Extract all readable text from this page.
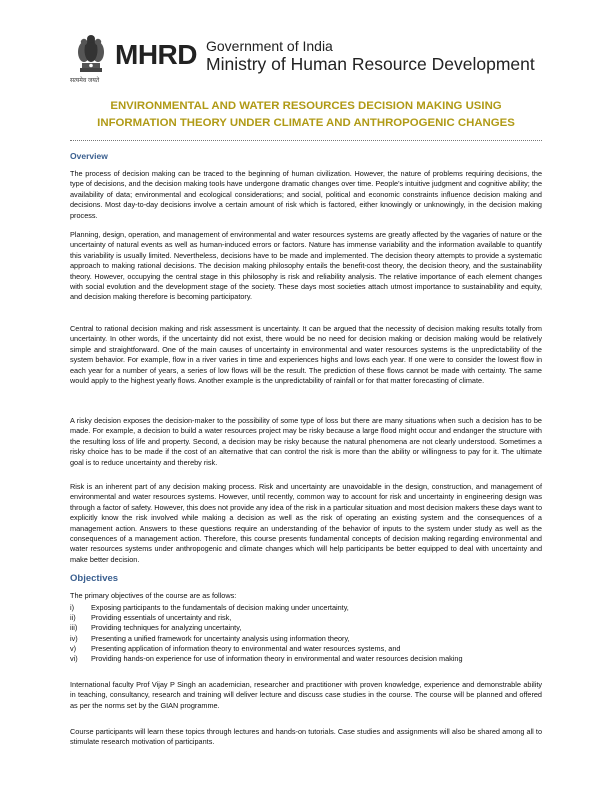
MHRD Government of India
Ministry of Human Resource Development
सत्यमेव जयते
ENVIRONMENTAL AND WATER RESOURCES DECISION MAKING USING
INFORMATION THEORY UNDER CLIMATE AND ANTHROPOGENIC CHANGES
Overview

The process of decision making can be traced to the beginning of human civilization. However, the nature of problems requiring decisions, the type of decisions, and the decision making tools have undergone dramatic changes over time. People's intuitive judgment and cognitive ability; the availability of data; environmental and ecological considerations; and social, political and economic constraints influence decision making and decisions. Most day-to-day decisions involve a certain amount of risk which is factored, either knowingly or unknowingly, in the decision making process.

Planning, design, operation, and management of environmental and water resources systems are greatly affected by the vagaries of nature or the uncertainty of natural events as well as human-induced errors or factors. Nature has immense variability and the information available to quantify this variability is usually limited. Nevertheless, decisions have to be made and implemented. The decision theory attempts to provide a systematic approach to making rational decisions. The decision making philosophy entails the benefit-cost theory, the decision theory, and the sustainability theory. However, occupying the central stage in this philosophy is risk and reliability analysis. The relative importance of each element changes with social evolution and the development stage of the society. These days most societies attach utmost importance to sustainability and equity, and decision making therefore is becoming participatory.

Central to rational decision making and risk assessment is uncertainty. It can be argued that the necessity of decision making results totally from uncertainty. In other words, if the uncertainty did not exist, there would be no need for decision making or decision making would be relatively simple and straightforward. One of the main causes of uncertainty in environmental and water resources systems is the unpredictability of the system behavior. For example, flow in a river varies in time and experiences highs and lows each year. If one were to consider the lowest flow in each year for a number of years, a series of low flows will be the result. The prediction of these flows cannot be made with certainty. The same would apply to the highest yearly flows. Another example is the unpredictability of rainfall or for that matter forecasting of climate.

A risky decision exposes the decision-maker to the possibility of some type of loss but there are many situations when such a decision has to be made. For example, a decision to build a water resources project may be risky because a large flood might occur and endanger the structure with the resulting loss of life and property. Second, a decision may be risky because the natural phenomena are not clearly understood. Sometimes a risky choice has to be made if the cost of an alternative that can control the risk is more than the ability or willingness to pay for it. The ultimate goal is to reduce uncertainty and thereby risk.

Risk is an inherent part of any decision making process. Risk and uncertainty are unavoidable in the design, construction, and management of environmental and water resources systems. However, until recently, common way to account for risk and uncertainty in engineering design was through a factor of safety. However, this does not provide any idea of the risk in a particular situation and most decision makers these days want to explicitly know the risk involved while making a decision as well as the risk of operating an existing system and the consequences of a management action. Answers to these questions require an understanding of the behavior of inputs to the system under study as well as the consequences of a management action. Therefore, this course presents fundamental concepts of decision making regarding environmental and water resources systems under anthropogenic and climate changes which will help participants be better equipped to deal with uncertainty and make better decision.

Objectives

The primary objectives of the course are as follows:

i)	Exposing participants to the fundamentals of decision making under uncertainty,
ii)	Providing essentials of uncertainty and risk,
iii)	Providing techniques for analyzing uncertainty,
iv)	Presenting a unified framework for uncertainty analysis using information theory,
v)	Presenting application of information theory to environmental and water resources systems, and
vi)	Providing hands-on experience for use of information theory in environmental and water resources decision making

International faculty Prof Vijay P Singh an academician, researcher and practitioner with proven knowledge, experience and demonstrable ability in teaching, consultancy, research and training will deliver lecture and discuss case studies in the course. The course will be planned and offered as per the norms set by the GIAN programme.

Course participants will learn these topics through lectures and hands-on tutorials. Case studies and assignments will also be shared among all to stimulate research motivation of participants.
